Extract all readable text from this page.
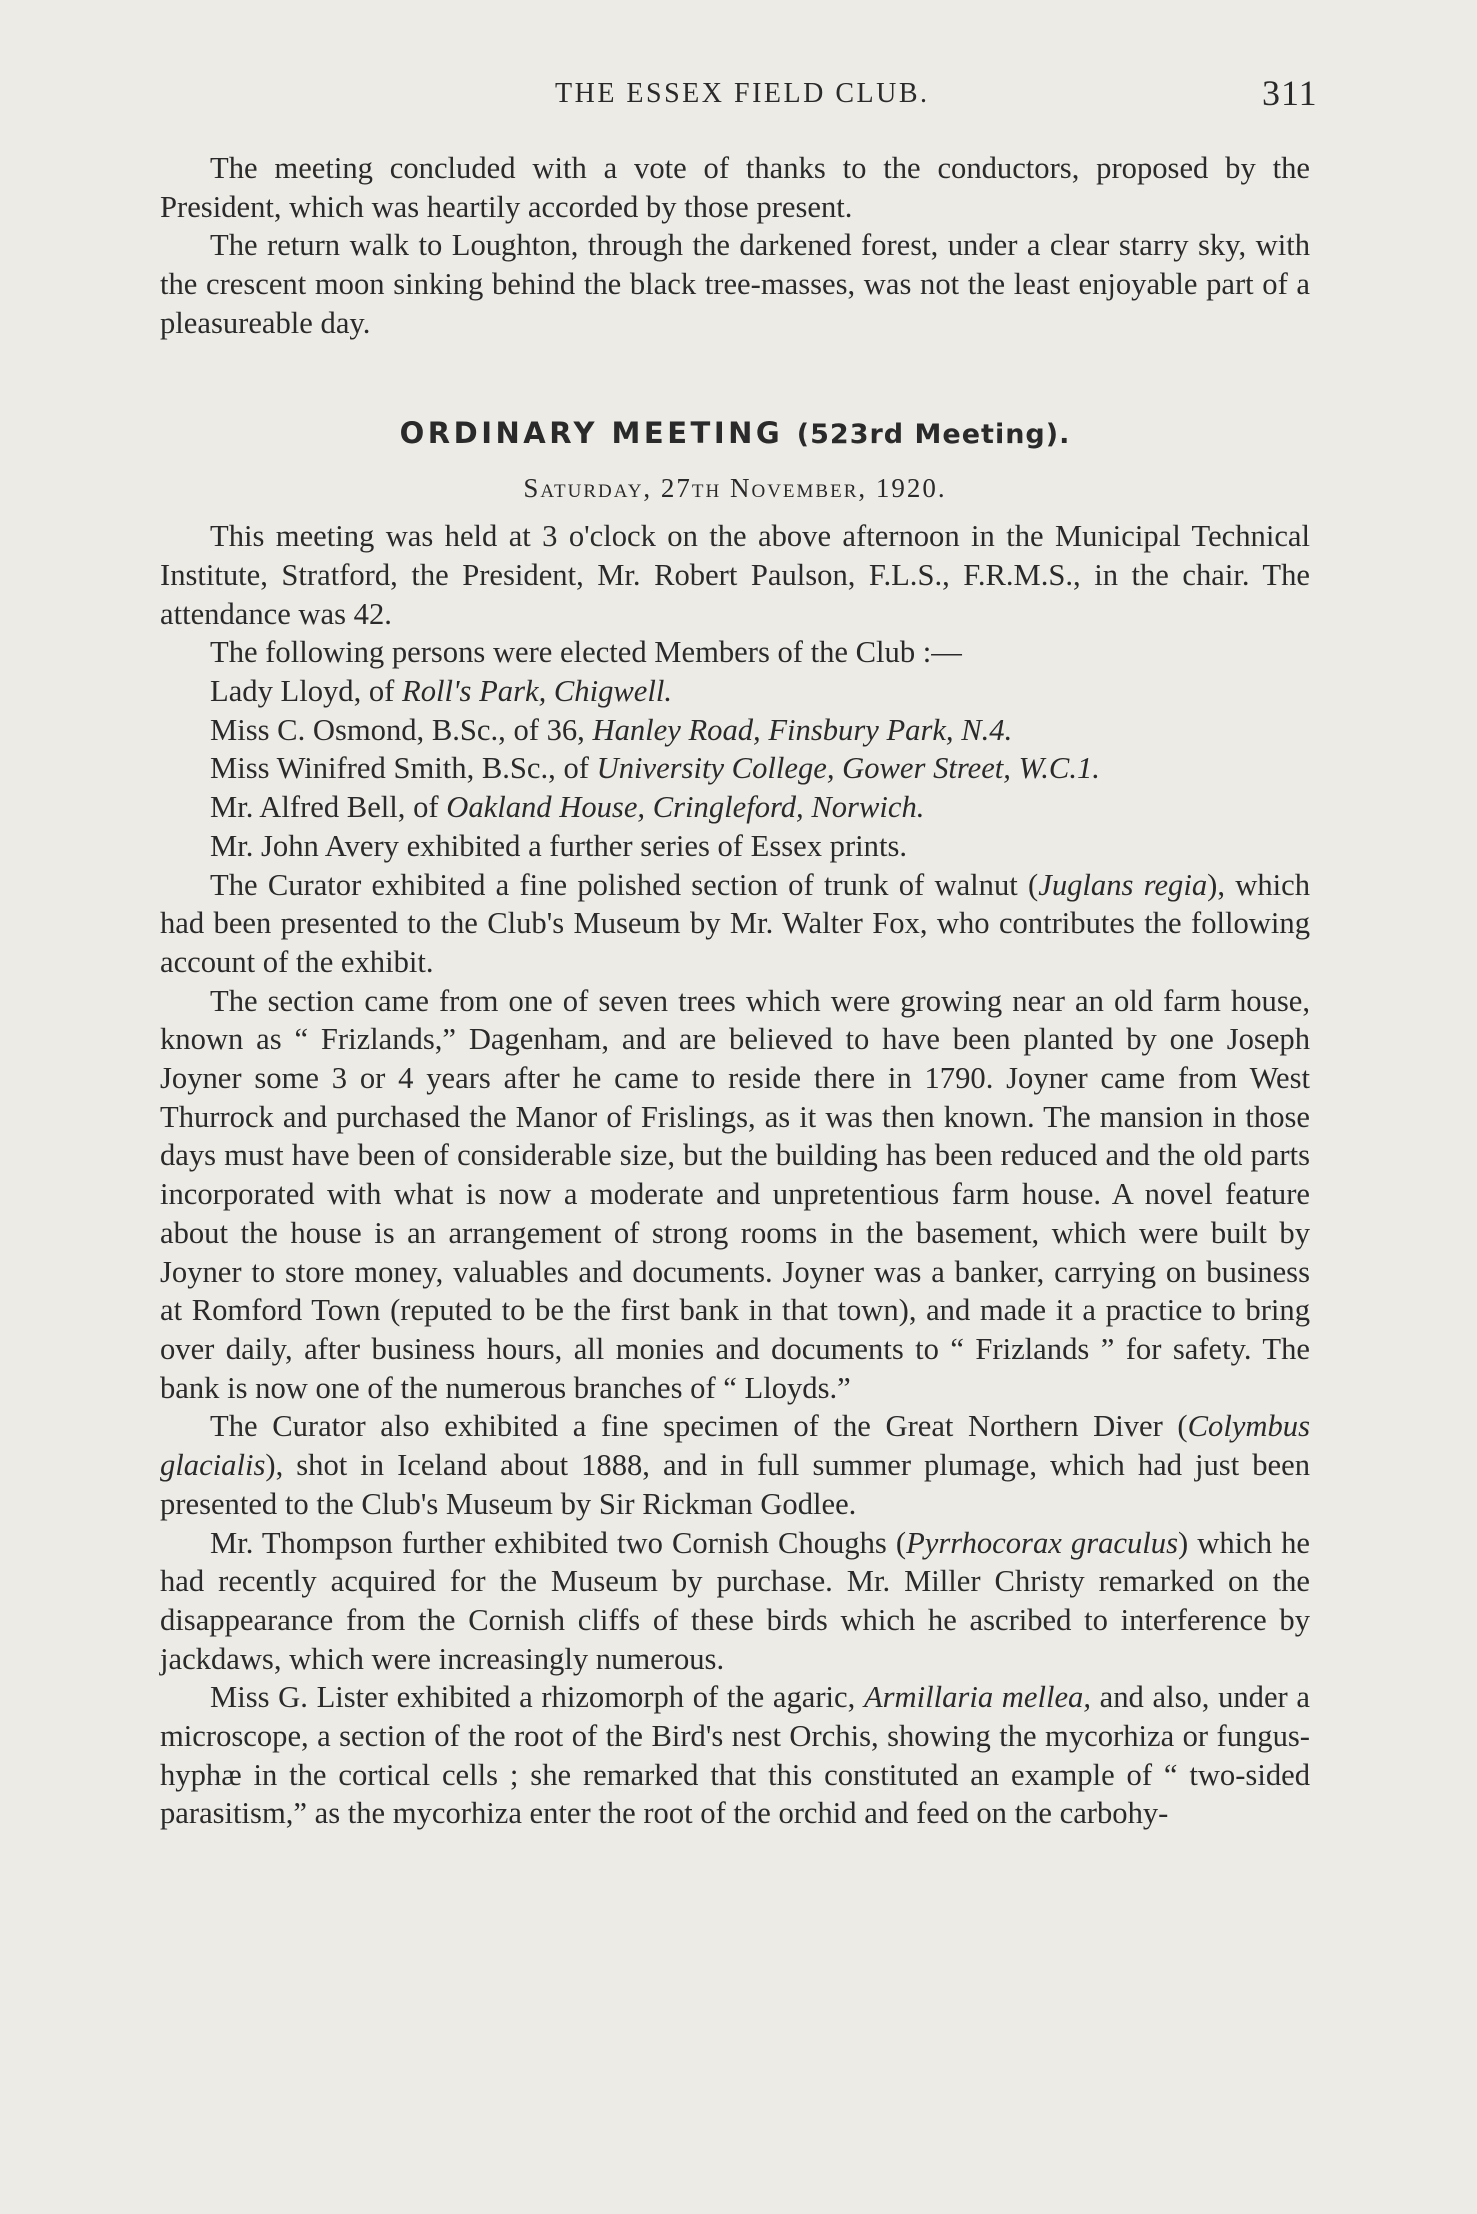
THE ESSEX FIELD CLUB.	311

The meeting concluded with a vote of thanks to the conductors, proposed by the President, which was heartily accorded by those present.

The return walk to Loughton, through the darkened forest, under a clear starry sky, with the crescent moon sinking behind the black tree-masses, was not the least enjoyable part of a pleasureable day.

ORDINARY MEETING (523rd Meeting).
Saturday, 27th November, 1920.

This meeting was held at 3 o'clock on the above afternoon in the Municipal Technical Institute, Stratford, the President, Mr. Robert Paulson, F.L.S., F.R.M.S., in the chair. The attendance was 42.

The following persons were elected Members of the Club :—

Lady Lloyd, of Roll's Park, Chigwell.

Miss C. Osmond, B.Sc., of 36, Hanley Road, Finsbury Park, N.4.

Miss Winifred Smith, B.Sc., of University College, Gower Street, W.C.1.

Mr. Alfred Bell, of Oakland House, Cringleford, Norwich.

Mr. John Avery exhibited a further series of Essex prints.

The Curator exhibited a fine polished section of trunk of walnut (Juglans regia), which had been presented to the Club's Museum by Mr. Walter Fox, who contributes the following account of the exhibit.

The section came from one of seven trees which were growing near an old farm house, known as “ Frizlands,” Dagenham, and are believed to have been planted by one Joseph Joyner some 3 or 4 years after he came to reside there in 1790. Joyner came from West Thurrock and purchased the Manor of Frislings, as it was then known. The mansion in those days must have been of considerable size, but the building has been reduced and the old parts incorporated with what is now a moderate and unpretentious farm house. A novel feature about the house is an arrangement of strong rooms in the basement, which were built by Joyner to store money, valuables and documents. Joyner was a banker, carrying on business at Romford Town (reputed to be the first bank in that town), and made it a practice to bring over daily, after business hours, all monies and documents to “ Frizlands ” for safety. The bank is now one of the numerous branches of “ Lloyds.”

The Curator also exhibited a fine specimen of the Great Northern Diver (Colymbus glacialis), shot in Iceland about 1888, and in full summer plumage, which had just been presented to the Club's Museum by Sir Rickman Godlee.

Mr. Thompson further exhibited two Cornish Choughs (Pyrrhocorax graculus) which he had recently acquired for the Museum by purchase. Mr. Miller Christy remarked on the disappearance from the Cornish cliffs of these birds which he ascribed to interference by jackdaws, which were increasingly numerous.

Miss G. Lister exhibited a rhizomorph of the agaric, Armillaria mellea, and also, under a microscope, a section of the root of the Bird's nest Orchis, showing the mycorhiza or fungus-hyphæ in the cortical cells ; she remarked that this constituted an example of “ two-sided parasitism,” as the mycorhiza enter the root of the orchid and feed on the carbohy-
